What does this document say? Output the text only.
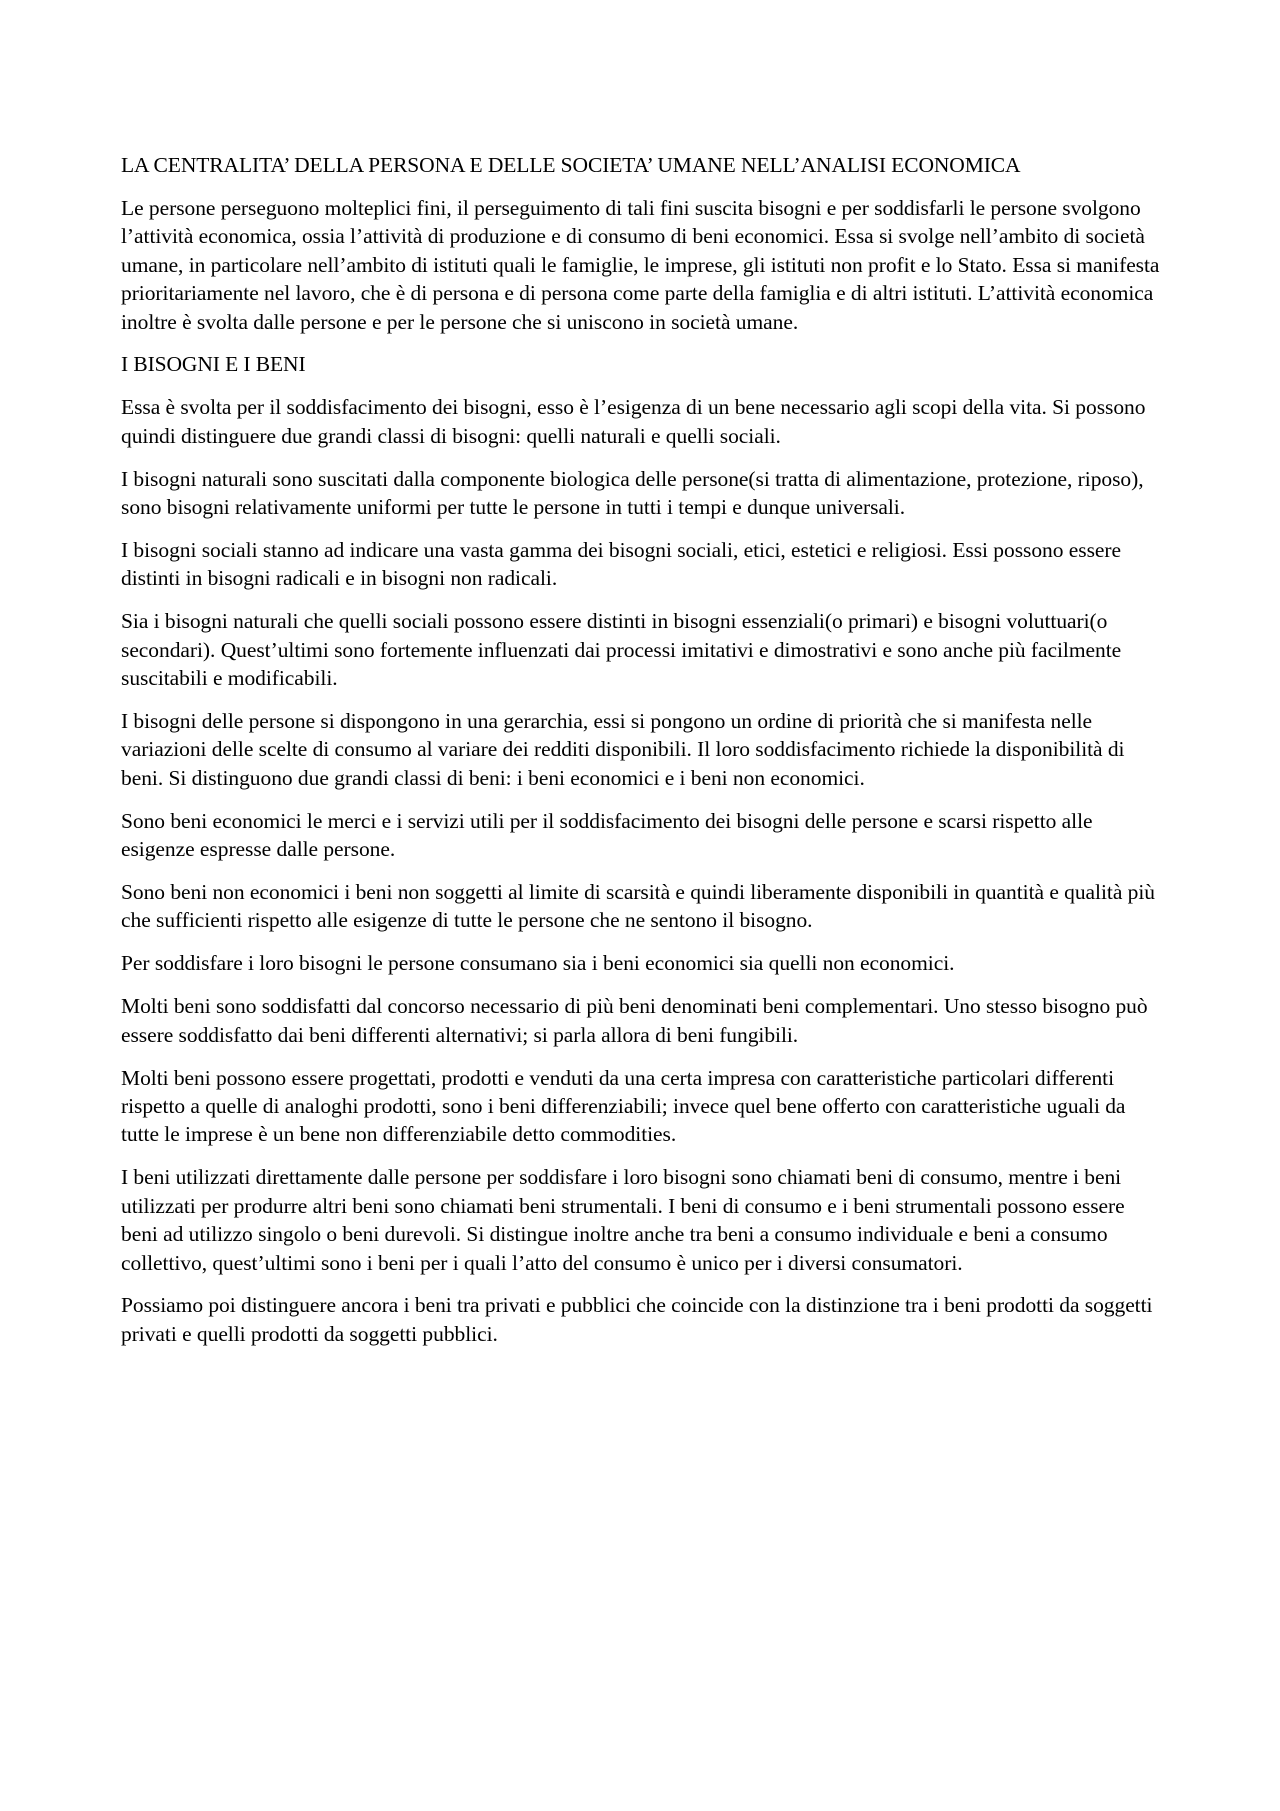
LA CENTRALITA’ DELLA PERSONA E DELLE SOCIETA’ UMANE NELL’ANALISI ECONOMICA

Le persone perseguono molteplici fini, il perseguimento di tali fini suscita bisogni e per soddisfarli le persone svolgono l’attività economica, ossia l’attività di produzione e di consumo di beni economici. Essa si svolge nell’ambito di società umane, in particolare nell’ambito di istituti quali le famiglie, le imprese, gli istituti non profit e lo Stato. Essa si manifesta prioritariamente nel lavoro, che è di persona e di persona come parte della famiglia e di altri istituti. L’attività economica inoltre è svolta dalle persone e per le persone che si uniscono in società umane.

I BISOGNI E I BENI

Essa è svolta per il soddisfacimento dei bisogni, esso è l’esigenza di un bene necessario agli scopi della vita. Si possono quindi distinguere due grandi classi di bisogni: quelli naturali e quelli sociali.

I bisogni naturali sono suscitati dalla componente biologica delle persone(si tratta di alimentazione, protezione, riposo), sono bisogni relativamente uniformi per tutte le persone in tutti i tempi e dunque universali.

I bisogni sociali stanno ad indicare una vasta gamma dei bisogni sociali, etici, estetici e religiosi. Essi possono essere distinti in bisogni radicali e in bisogni non radicali.

Sia i bisogni naturali che quelli sociali possono essere distinti in bisogni essenziali(o primari) e bisogni voluttuari(o secondari). Quest’ultimi sono fortemente influenzati dai processi imitativi e dimostrativi e sono anche più facilmente suscitabili e modificabili.

I bisogni delle persone si dispongono in una gerarchia, essi si pongono un ordine di priorità che si manifesta nelle variazioni delle scelte di consumo al variare dei redditi disponibili. Il loro soddisfacimento richiede la disponibilità di beni. Si distinguono due grandi classi di beni: i beni economici e i beni non economici.

Sono beni economici le merci e i servizi utili per il soddisfacimento dei bisogni delle persone e scarsi rispetto alle esigenze espresse dalle persone.

Sono beni non economici i beni non soggetti al limite di scarsità e quindi liberamente disponibili in quantità e qualità più che sufficienti rispetto alle esigenze di tutte le persone che ne sentono il bisogno.

Per soddisfare i loro bisogni le persone consumano sia i beni economici sia quelli non economici.

Molti beni sono soddisfatti dal concorso necessario di più beni denominati beni complementari. Uno stesso bisogno può essere soddisfatto dai beni differenti alternativi; si parla allora di beni fungibili.

Molti beni possono essere progettati, prodotti e venduti da una certa impresa con caratteristiche particolari differenti rispetto a quelle di analoghi prodotti, sono i beni differenziabili; invece quel bene offerto con caratteristiche uguali da tutte le imprese è un bene non differenziabile detto commodities.

I beni utilizzati direttamente dalle persone per soddisfare i loro bisogni sono chiamati beni di consumo, mentre i beni utilizzati per produrre altri beni sono chiamati beni strumentali. I beni di consumo e i beni strumentali possono essere beni ad utilizzo singolo o beni durevoli. Si distingue inoltre anche tra beni a consumo individuale e beni a consumo collettivo, quest’ultimi sono i beni per i quali l’atto del consumo è unico per i diversi consumatori.

Possiamo poi distinguere ancora i beni tra privati e pubblici che coincide con la distinzione tra i beni prodotti da soggetti privati e quelli prodotti da soggetti pubblici.
